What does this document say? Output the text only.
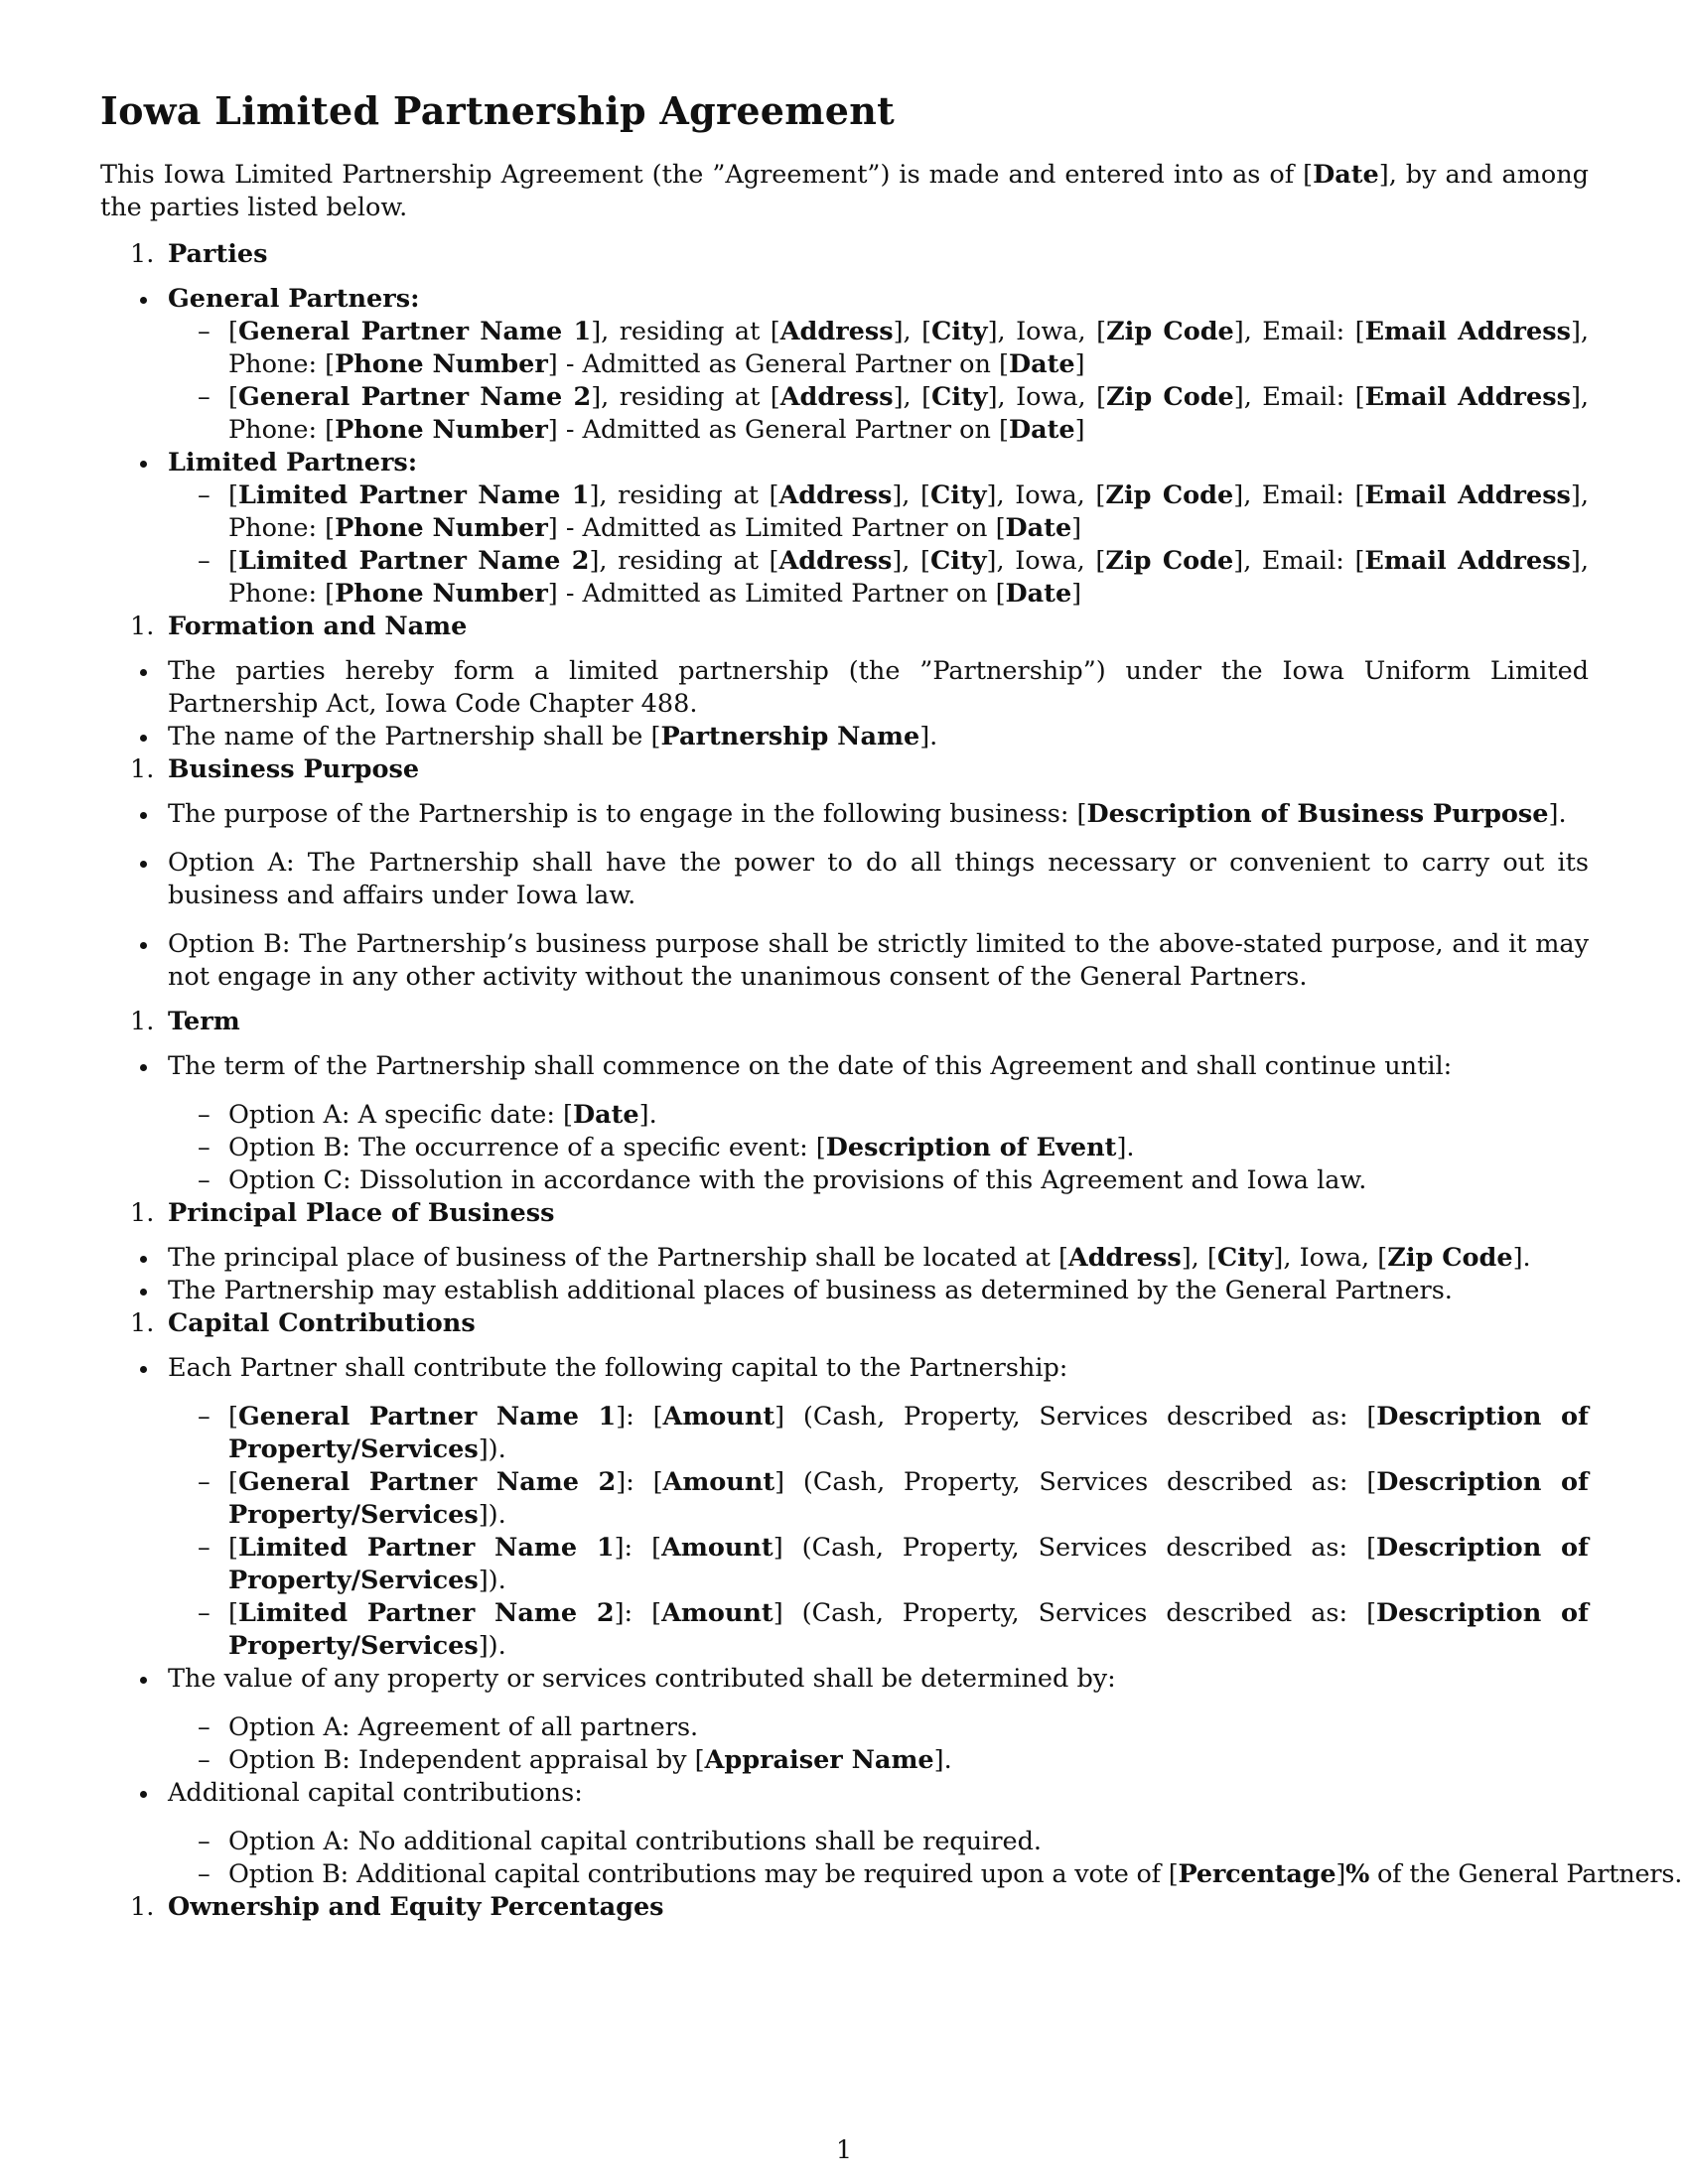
Iowa Limited Partnership Agreement

This Iowa Limited Partnership Agreement (the ”Agreement”) is made and entered into as of [Date], by and among the parties listed below.

1. Parties
General Partners:
– [General Partner Name 1], residing at [Address], [City], Iowa, [Zip Code], Email: [Email Address], Phone: [Phone Number] - Admitted as General Partner on [Date]
– [General Partner Name 2], residing at [Address], [City], Iowa, [Zip Code], Email: [Email Address], Phone: [Phone Number] - Admitted as General Partner on [Date]
Limited Partners:
– [Limited Partner Name 1], residing at [Address], [City], Iowa, [Zip Code], Email: [Email Address], Phone: [Phone Number] - Admitted as Limited Partner on [Date]
– [Limited Partner Name 2], residing at [Address], [City], Iowa, [Zip Code], Email: [Email Address], Phone: [Phone Number] - Admitted as Limited Partner on [Date]
1. Formation and Name
The parties hereby form a limited partnership (the ”Partnership”) under the Iowa Uniform Limited Partnership Act, Iowa Code Chapter 488.
The name of the Partnership shall be [Partnership Name].
1. Business Purpose
The purpose of the Partnership is to engage in the following business: [Description of Business Purpose].
Option A: The Partnership shall have the power to do all things necessary or convenient to carry out its business and affairs under Iowa law.
Option B: The Partnership’s business purpose shall be strictly limited to the above-stated purpose, and it may not engage in any other activity without the unanimous consent of the General Partners.
1. Term
The term of the Partnership shall commence on the date of this Agreement and shall continue until:
– Option A: A specific date: [Date].
– Option B: The occurrence of a specific event: [Description of Event].
– Option C: Dissolution in accordance with the provisions of this Agreement and Iowa law.
1. Principal Place of Business
The principal place of business of the Partnership shall be located at [Address], [City], Iowa, [Zip Code].
The Partnership may establish additional places of business as determined by the General Partners.
1. Capital Contributions
Each Partner shall contribute the following capital to the Partnership:
– [General Partner Name 1]: [Amount] (Cash, Property, Services described as: [Description of Property/Services]).
– [General Partner Name 2]: [Amount] (Cash, Property, Services described as: [Description of Property/Services]).
– [Limited Partner Name 1]: [Amount] (Cash, Property, Services described as: [Description of Property/Services]).
– [Limited Partner Name 2]: [Amount] (Cash, Property, Services described as: [Description of Property/Services]).
The value of any property or services contributed shall be determined by:
– Option A: Agreement of all partners.
– Option B: Independent appraisal by [Appraiser Name].
Additional capital contributions:
– Option A: No additional capital contributions shall be required.
– Option B: Additional capital contributions may be required upon a vote of [Percentage]% of the General Partners.
1. Ownership and Equity Percentages
1
